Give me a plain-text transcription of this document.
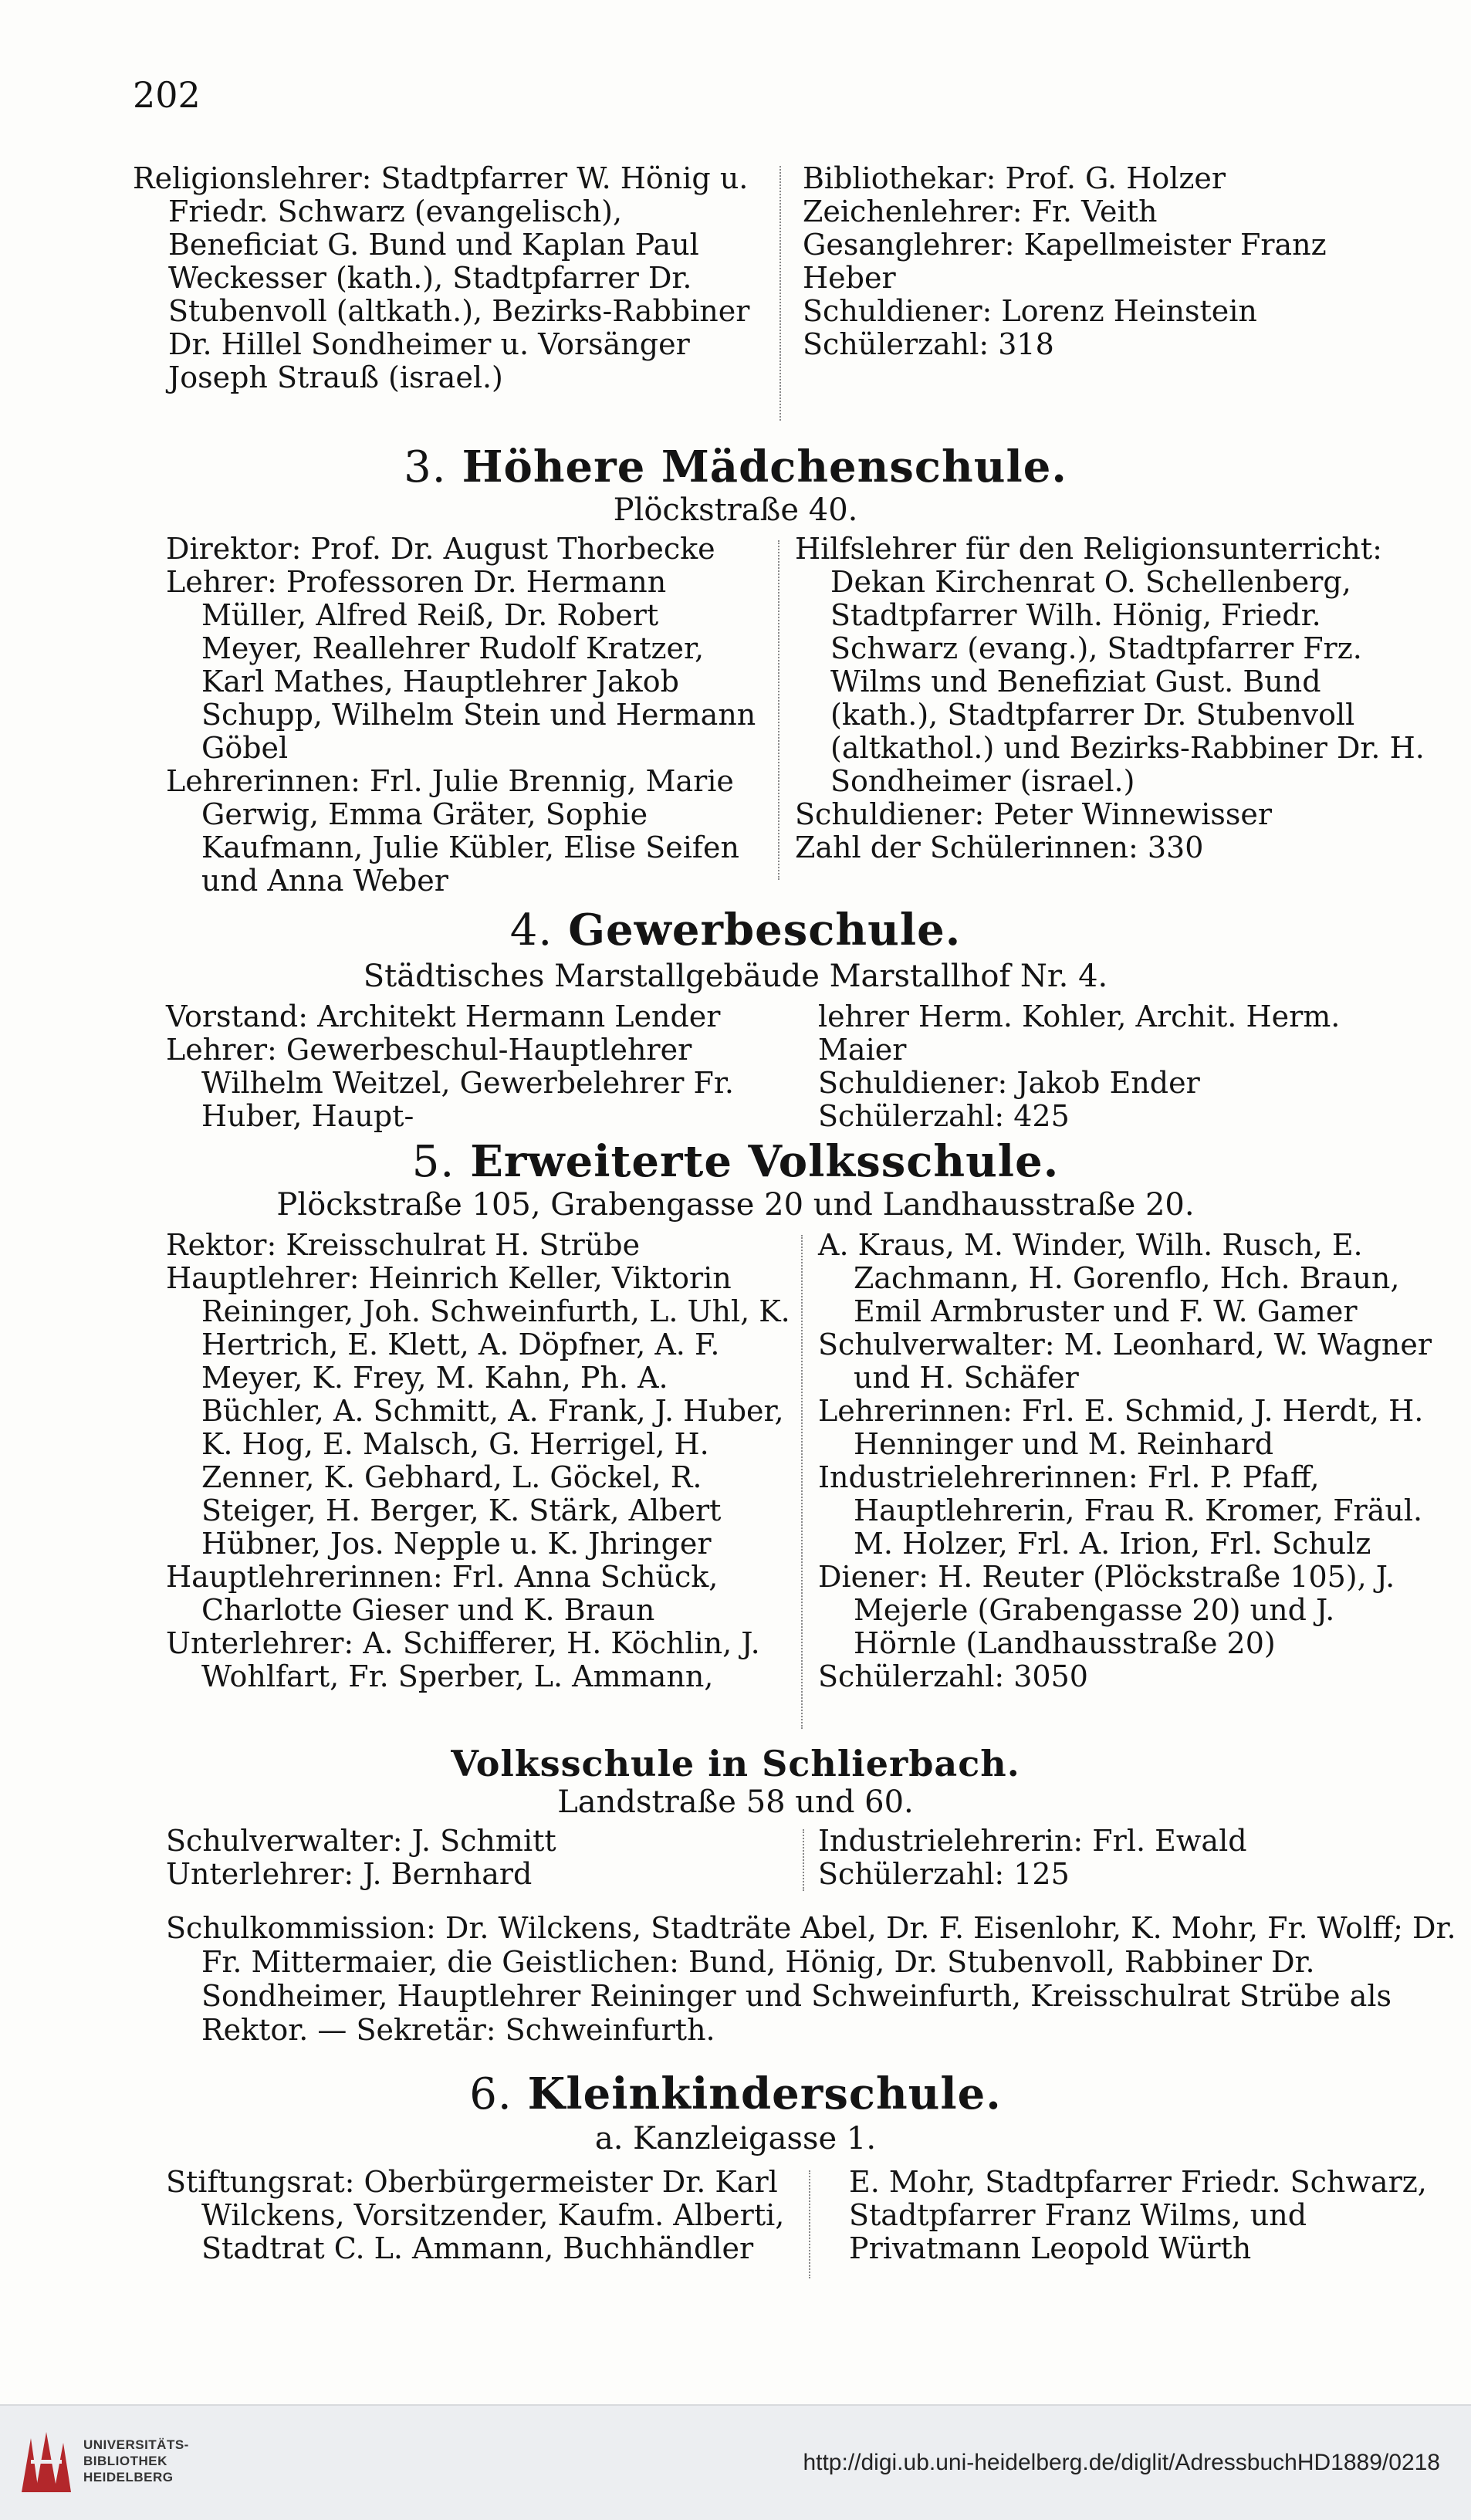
202

Religionslehrer: Stadtpfarrer W. Hönig u. Friedr. Schwarz (evangelisch), Beneficiat G. Bund und Kaplan Paul Weckesser (kath.), Stadtpfarrer Dr. Stubenvoll (altkath.), Bezirks-Rabbiner Dr. Hillel Sondheimer u. Vorsänger Joseph Strauß (israel.)

Bibliothekar: Prof. G. Holzer

Zeichenlehrer: Fr. Veith

Gesanglehrer: Kapellmeister Franz Heber

Schuldiener: Lorenz Heinstein

Schülerzahl: 318

3. Höhere Mädchenschule.
Plöckstraße 40.

Direktor: Prof. Dr. August Thorbecke

Lehrer: Professoren Dr. Hermann Müller, Alfred Reiß, Dr. Robert Meyer, Reallehrer Rudolf Kratzer, Karl Mathes, Hauptlehrer Jakob Schupp, Wilhelm Stein und Hermann Göbel

Lehrerinnen: Frl. Julie Brennig, Marie Gerwig, Emma Gräter, Sophie Kaufmann, Julie Kübler, Elise Seifen und Anna Weber

Hilfslehrer für den Religionsunterricht: Dekan Kirchenrat O. Schellenberg, Stadtpfarrer Wilh. Hönig, Friedr. Schwarz (evang.), Stadtpfarrer Frz. Wilms und Benefiziat Gust. Bund (kath.), Stadtpfarrer Dr. Stubenvoll (altkathol.) und Bezirks-Rabbiner Dr. H. Sondheimer (israel.)

Schuldiener: Peter Winnewisser

Zahl der Schülerinnen: 330

4. Gewerbeschule.
Städtisches Marstallgebäude Marstallhof Nr. 4.

Vorstand: Architekt Hermann Lender

Lehrer: Gewerbeschul-Hauptlehrer Wilhelm Weitzel, Gewerbelehrer Fr. Huber, Haupt-

lehrer Herm. Kohler, Archit. Herm. Maier

Schuldiener: Jakob Ender

Schülerzahl: 425

5. Erweiterte Volksschule.
Plöckstraße 105, Grabengasse 20 und Landhausstraße 20.

Rektor: Kreisschulrat H. Strübe

Hauptlehrer: Heinrich Keller, Viktorin Reininger, Joh. Schweinfurth, L. Uhl, K. Hertrich, E. Klett, A. Döpfner, A. F. Meyer, K. Frey, M. Kahn, Ph. A. Büchler, A. Schmitt, A. Frank, J. Huber, K. Hog, E. Malsch, G. Herrigel, H. Zenner, K. Gebhard, L. Göckel, R. Steiger, H. Berger, K. Stärk, Albert Hübner, Jos. Nepple u. K. Jhringer

Hauptlehrerinnen: Frl. Anna Schück, Charlotte Gieser und K. Braun

Unterlehrer: A. Schifferer, H. Köchlin, J. Wohlfart, Fr. Sperber, L. Ammann,

A. Kraus, M. Winder, Wilh. Rusch, E. Zachmann, H. Gorenflo, Hch. Braun, Emil Armbruster und F. W. Gamer

Schulverwalter: M. Leonhard, W. Wagner und H. Schäfer

Lehrerinnen: Frl. E. Schmid, J. Herdt, H. Henninger und M. Reinhard

Industrielehrerinnen: Frl. P. Pfaff, Hauptlehrerin, Frau R. Kromer, Fräul. M. Holzer, Frl. A. Irion, Frl. Schulz

Diener: H. Reuter (Plöckstraße 105), J. Mejerle (Grabengasse 20) und J. Hörnle (Landhausstraße 20)

Schülerzahl: 3050

Volksschule in Schlierbach.
Landstraße 58 und 60.

Schulverwalter: J. Schmitt

Unterlehrer: J. Bernhard

Industrielehrerin: Frl. Ewald

Schülerzahl: 125

Schulkommission: Dr. Wilckens, Stadträte Abel, Dr. F. Eisenlohr, K. Mohr, Fr. Wolff; Dr. Fr. Mittermaier, die Geistlichen: Bund, Hönig, Dr. Stubenvoll, Rabbiner Dr. Sondheimer, Hauptlehrer Reininger und Schweinfurth, Kreisschulrat Strübe als Rektor. — Sekretär: Schweinfurth.
6. Kleinkinderschule.
a. Kanzleigasse 1.

Stiftungsrat: Oberbürgermeister Dr. Karl Wilckens, Vorsitzender, Kaufm. Alberti, Stadtrat C. L. Ammann, Buchhändler

E. Mohr, Stadtpfarrer Friedr. Schwarz, Stadtpfarrer Franz Wilms, und Privatmann Leopold Würth

UNIVERSITÄTS-
BIBLIOTHEK
HEIDELBERG
http://digi.ub.uni-heidelberg.de/diglit/AdressbuchHD1889/0218
